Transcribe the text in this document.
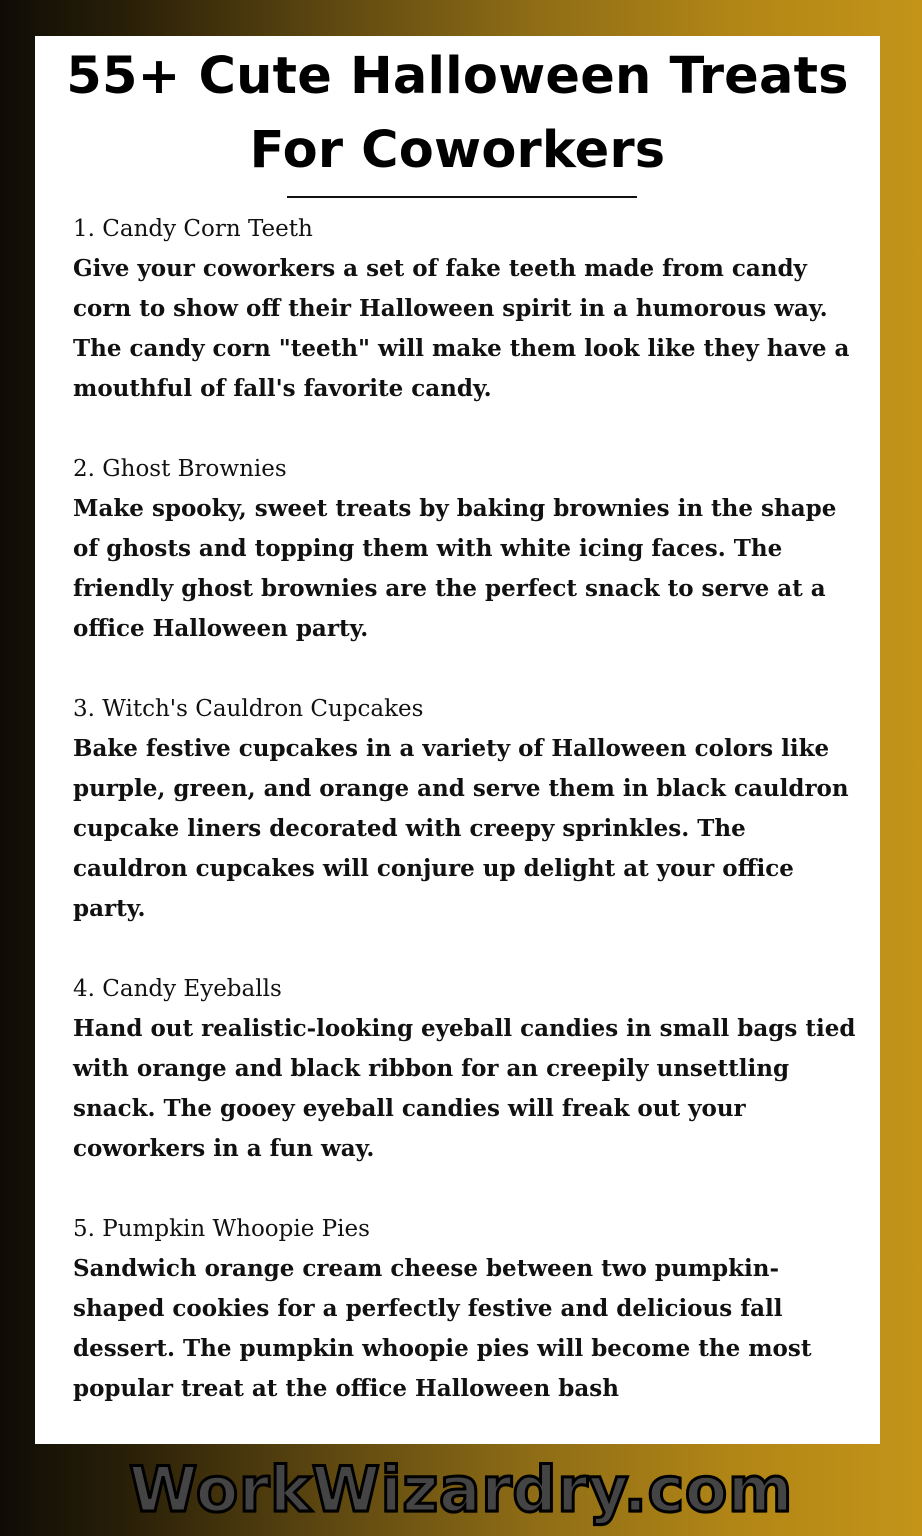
55+ Cute Halloween Treats
For Coworkers
1. Candy Corn Teeth
Give your coworkers a set of fake teeth made from candy corn to show off their Halloween spirit in a humorous way. The candy corn "teeth" will make them look like they have a mouthful of fall's favorite candy.
2. Ghost Brownies
Make spooky, sweet treats by baking brownies in the shape of ghosts and topping them with white icing faces. The friendly ghost brownies are the perfect snack to serve at a office Halloween party.
3. Witch's Cauldron Cupcakes
Bake festive cupcakes in a variety of Halloween colors like purple, green, and orange and serve them in black cauldron cupcake liners decorated with creepy sprinkles. The cauldron cupcakes will conjure up delight at your office party.
4. Candy Eyeballs
Hand out realistic-looking eyeball candies in small bags tied with orange and black ribbon for an creepily unsettling snack. The gooey eyeball candies will freak out your coworkers in a fun way.
5. Pumpkin Whoopie Pies
Sandwich orange cream cheese between two pumpkin-shaped cookies for a perfectly festive and delicious fall dessert. The pumpkin whoopie pies will become the most popular treat at the office Halloween bash
WorkWizardry.com
